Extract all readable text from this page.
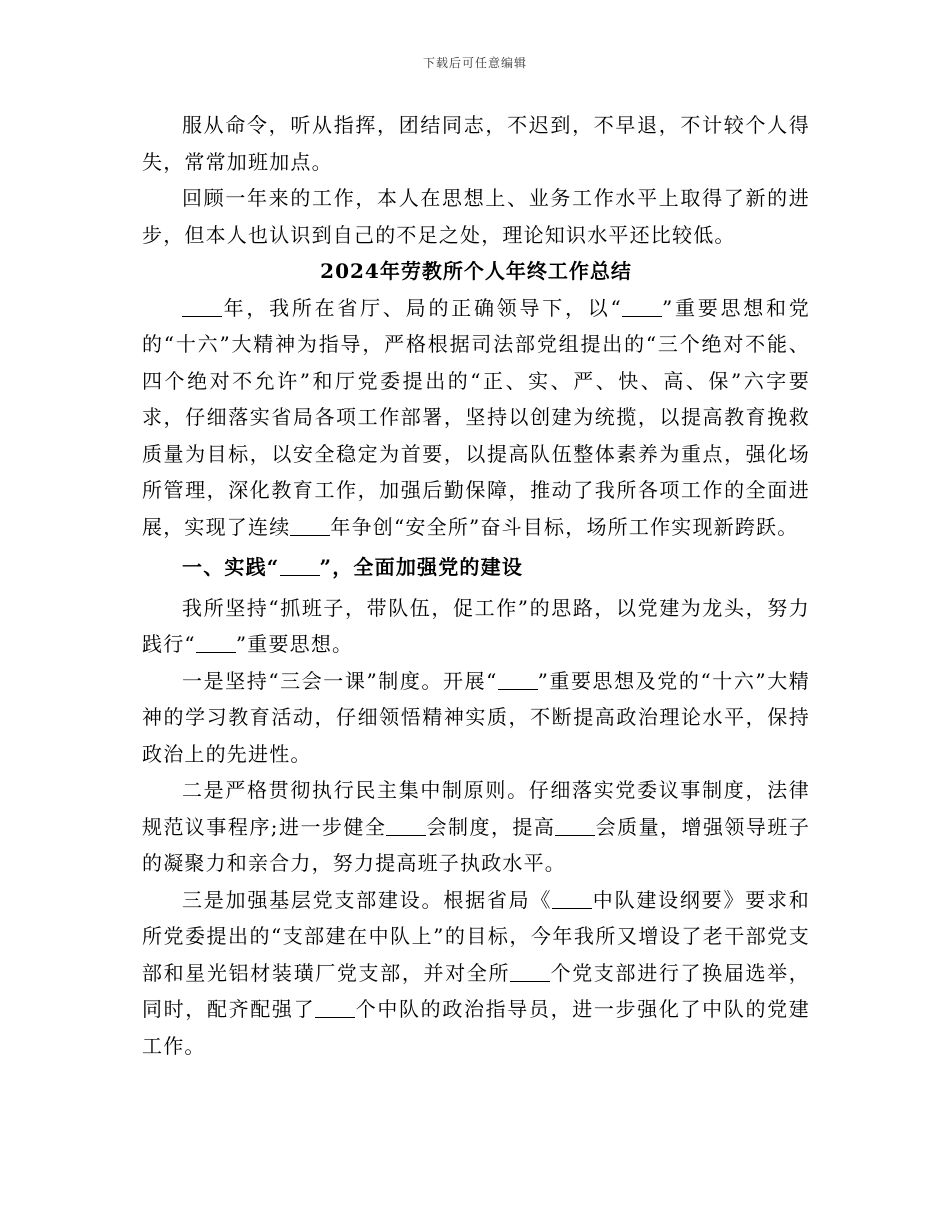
下载后可任意编辑

服从命令，听从指挥，团结同志，不迟到，不早退，不计较个人得失，常常加班加点。

回顾一年来的工作，本人在思想上、业务工作水平上取得了新的进步，但本人也认识到自己的不足之处，理论知识水平还比较低。

2024年劳教所个人年终工作总结

年，我所在省厅、局的正确领导下，以“ ”重要思想和党的“十六”大精神为指导，严格根据司法部党组提出的“三个绝对不能、四个绝对不允许”和厅党委提出的“正、实、严、快、高、保”六字要求，仔细落实省局各项工作部署，坚持以创建为统揽，以提高教育挽救质量为目标，以安全稳定为首要，以提高队伍整体素养为重点，强化场所管理，深化教育工作，加强后勤保障，推动了我所各项工作的全面进展，实现了连续 年争创“安全所”奋斗目标，场所工作实现新跨跃。

一、实践“ ”，全面加强党的建设

我所坚持“抓班子，带队伍，促工作”的思路，以党建为龙头，努力践行“ ”重要思想。

一是坚持“三会一课”制度。开展“ ”重要思想及党的“十六”大精神的学习教育活动，仔细领悟精神实质，不断提高政治理论水平，保持政治上的先进性。

二是严格贯彻执行民主集中制原则。仔细落实党委议事制度，法律规范议事程序;进一步健全 会制度，提高 会质量，增强领导班子的凝聚力和亲合力，努力提高班子执政水平。

三是加强基层党支部建设。根据省局《 中队建设纲要》要求和所党委提出的“支部建在中队上”的目标，今年我所又增设了老干部党支部和星光铝材装璜厂党支部，并对全所 个党支部进行了换届选举，同时，配齐配强了 个中队的政治指导员，进一步强化了中队的党建工作。
